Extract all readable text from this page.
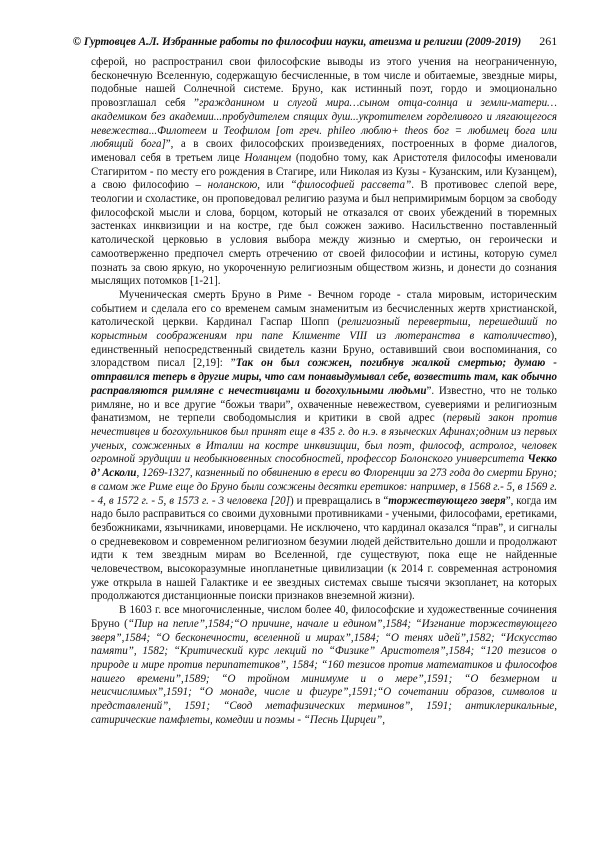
© Гуртовцев А.Л. Избранные работы по философии науки, атеизма и религии (2009-2019) 261

сферой, но распространил свои философские выводы из этого учения на неограниченную, бесконечную Вселенную, содержащую бесчисленные, в том числе и обитаемые, звездные миры, подобные нашей Солнечной системе. Бруно, как истинный поэт, гордо и эмоционально провозглашал себя ”гражданином и слугой мира…сыном отца-солнца и земли-матери…академиком без академии...пробудителем спящих душ...укротителем горделивого и лягающегося невежества...Филотеем и Теофилом [от греч. phileo люблю+ theos бог = любимец бога или любящий бога]”, а в своих философских произведениях, построенных в форме диалогов, именовал себя в третьем лице Ноланцем (подобно тому, как Аристотеля философы именовали Стагиритом - по месту его рождения в Стагире, или Николая из Кузы - Кузанским, или Кузанцем), а свою философию – ноланскою, или “философией рассвета”. В противовес слепой вере, теологии и схоластике, он проповедовал религию разума и был непримиримым борцом за свободу философской мысли и слова, борцом, который не отказался от своих убеждений в тюремных застенках инквизиции и на костре, где был сожжен заживо. Насильственно поставленный католической церковью в условия выбора между жизнью и смертью, он героически и самоотверженно предпочел смерть отречению от своей философии и истины, которую сумел познать за свою яркую, но укороченную религиозным обществом жизнь, и донести до сознания мыслящих потомков [1-21].

Мученическая смерть Бруно в Риме - Вечном городе - стала мировым, историческим событием и сделала его со временем самым знаменитым из бесчисленных жертв христианской, католической церкви. Кардинал Гаспар Шопп (религиозный перевертыш, перешедший по корыстным соображениям при папе Клименте VIII из лютеранства в католичество), единственный непосредственный свидетель казни Бруно, оставивший свои воспоминания, со злорадством писал [2,19]: ”Так он был сожжен, погибнув жалкой смертью; думаю - отправился теперь в другие миры, что сам понавыдумывал себе, возвестить там, как обычно расправляются римляне с нечестивцами и богохульными людьми”. Известно, что не только римляне, но и все другие “божьи твари”, охваченные невежеством, суевериями и религиозным фанатизмом, не терпели свободомыслия и критики в свой адрес (первый закон против нечестивцев и богохульников был принят еще в 435 г. до н.э. в языческих Афинах;одним из первых ученых, сожженных в Италии на костре инквизиции, был поэт, философ, астролог, человек огромной эрудиции и необыкновенных способностей, профессор Болонского университета Чекко д’ Асколи, 1269-1327, казненный по обвинению в ереси во Флоренции за 273 года до смерти Бруно; в самом же Риме еще до Бруно были сожжены десятки еретиков: например, в 1568 г.- 5, в 1569 г. - 4, в 1572 г. - 5, в 1573 г. - 3 человека [20]) и превращались в “торжествующего зверя”, когда им надо было расправиться со своими духовными противниками - учеными, философами, еретиками, безбожниками, язычниками, иноверцами. Не исключено, что кардинал оказался “прав”, и сигналы о средневековом и современном религиозном безумии людей действительно дошли и продолжают идти к тем звездным мирам во Вселенной, где существуют, пока еще не найденные человечеством, высокоразумные инопланетные цивилизации (к 2014 г. современная астрономия уже открыла в нашей Галактике и ее звездных системах свыше тысячи экзопланет, на которых продолжаются дистанционные поиски признаков внеземной жизни).

В 1603 г. все многочисленные, числом более 40, философские и художественные сочинения Бруно (“Пир на пепле”,1584;“О причине, начале и едином”,1584; “Изгнание торжествующего зверя”,1584; “О бесконечности, вселенной и мирах”,1584; “О тенях идей”,1582; “Искусство памяти”, 1582; “Критический курс лекций по “Физике” Аристотеля”,1584; “120 тезисов о природе и мире против перипатетиков”, 1584; “160 тезисов против математиков и философов нашего времени”,1589; “О тройном минимуме и о мере”,1591; “О безмерном и неисчислимых”,1591; “О монаде, числе и фигуре”,1591;“О сочетании образов, символов и представлений”, 1591; “Свод метафизических терминов”, 1591; антиклерикальные, сатирические памфлеты, комедии и поэмы - “Песнь Цирцеи”,
